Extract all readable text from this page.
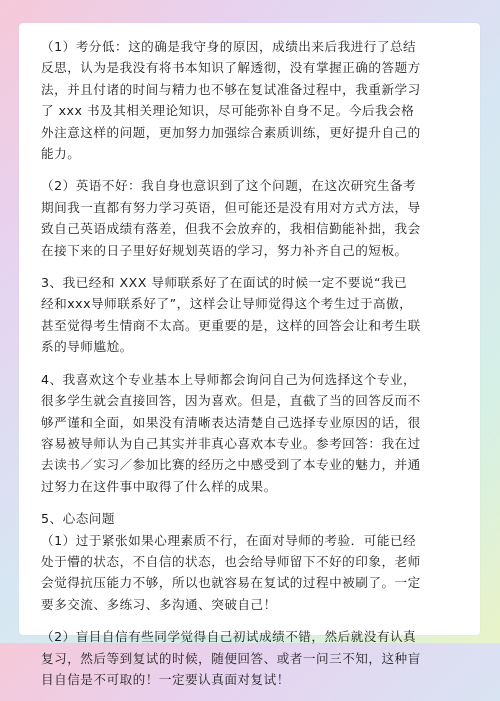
（1）考分低：这的确是我守身的原因，成绩出来后我进行了总结
反思，认为是我没有将书本知识了解透彻，没有掌握正确的答题方
法，并且付诸的时间与精力也不够在复试准备过程中，我重新学习
了 xxx 书及其相关理论知识，尽可能弥补自身不足。今后我会格
外注意这样的问题，更加努力加强综合素质训练，更好提升自己的
能力。
（2）英语不好：我自身也意识到了这个问题，在这次研究生备考
期间我一直都有努力学习英语，但可能还是没有用对方式方法，导
致自己英语成绩有落差，但我不会放弃的，我相信勤能补拙，我会
在接下来的日子里好好规划英语的学习，努力补齐自己的短板。
3、我已经和 XXX 导师联系好了在面试的时候一定不要说“我已
经和xxx导师联系好了”，这样会让导师觉得这个考生过于高傲，
甚至觉得考生情商不太高。更重要的是，这样的回答会让和考生联
系的导师尴尬。
4、我喜欢这个专业基本上导师都会询问自己为何选择这个专业，
很多学生就会直接回答，因为喜欢。但是，直截了当的回答反而不
够严谨和全面，如果没有清晰表达清楚自己选择专业原因的话，很
容易被导师认为自己其实并非真心喜欢本专业。参考回答：我在过
去读书／实习／参加比赛的经历之中感受到了本专业的魅力，并通
过努力在这件事中取得了什么样的成果。
5、心态问题
（1）过于紧张如果心理素质不行，在面对导师的考验．可能已经
处于懵的状态，不自信的状态，也会给导师留下不好的印象，老师
会觉得抗压能力不够，所以也就容易在复试的过程中被刷了。一定
要多交流、多练习、多沟通、突破自己！
（2）盲目自信有些同学觉得自己初试成绩不错，然后就没有认真
复习，然后等到复试的时候，随便回答、或者一问三不知，这种盲
目自信是不可取的！一定要认真面对复试！
